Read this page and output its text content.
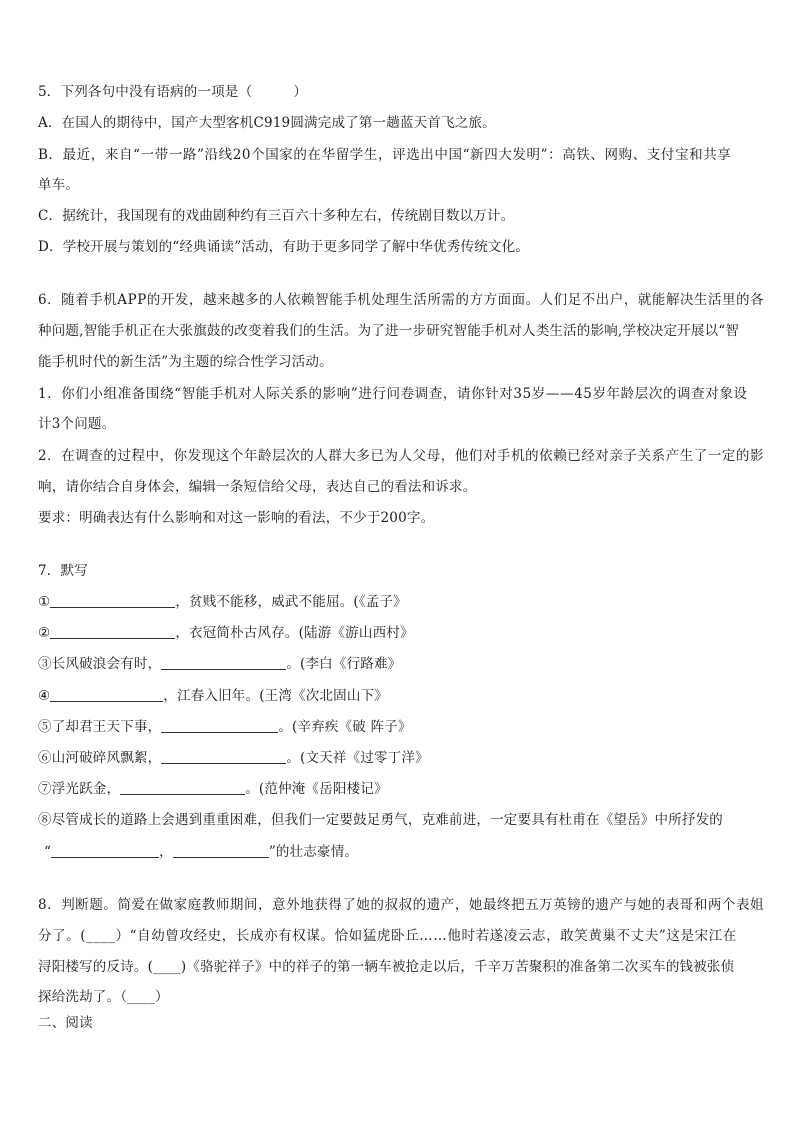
5．下列各句中没有语病的一项是（　　　）
A．在国人的期待中，国产大型客机C919圆满完成了第一趟蓝天首飞之旅。
B．最近，来自“一带一路”沿线20个国家的在华留学生，评选出中国“新四大发明”：高铁、网购、支付宝和共享
单车。
C．据统计，我国现有的戏曲剧种约有三百六十多种左右，传统剧目数以万计。
D．学校开展与策划的“经典诵读”活动，有助于更多同学了解中华优秀传统文化。
6．随着手机APP的开发，越来越多的人依赖智能手机处理生活所需的方方面面。人们足不出户，就能解决生活里的各
种问题,智能手机正在大张旗鼓的改变着我们的生活。为了进一步研究智能手机对人类生活的影响,学校决定开展以“智
能手机时代的新生活”为主题的综合性学习活动。
1．你们小组准备围绕“智能手机对人际关系的影响”进行问卷调查，请你针对35岁——45岁年龄层次的调查对象设
计3个问题。
2．在调查的过程中，你发现这个年龄层次的人群大多已为人父母，他们对手机的依赖已经对亲子关系产生了一定的影
响，请你结合自身体会，编辑一条短信给父母，表达自己的看法和诉求。
要求：明确表达有什么影响和对这一影响的看法，不少于200字。
7．默写
①	，贫贱不能移，威武不能屈。(《孟子》
②	，衣冠简朴古风存。(陆游《游山西村》
③长风破浪会有时，	。(李白《行路难》
④	，江春入旧年。(王湾《次北固山下》
⑤了却君王天下事，	。(辛弃疾《破 阵子》
⑥山河破碎风飘絮，	。(文天祥《过零丁洋》
⑦浮光跃金，	。(范仲淹《岳阳楼记》
⑧尽管成长的道路上会遇到重重困难，但我们一定要鼓足勇气，克难前进，一定要具有杜甫在《望岳》中所抒发的
“	，	”的壮志豪情。
8．判断题。简爱在做家庭教师期间，意外地获得了她的叔叔的遗产，她最终把五万英镑的遗产与她的表哥和两个表姐
分了。(____）“自幼曾攻经史，长成亦有权谋。恰如猛虎卧丘……他时若遂凌云志，敢笑黄巢不丈夫”这是宋江在
浔阳楼写的反诗。(____)《骆驼祥子》中的祥子的第一辆车被抢走以后，千辛万苦聚积的准备第二次买车的钱被张侦
探给洗劫了。（____）
二、阅读
